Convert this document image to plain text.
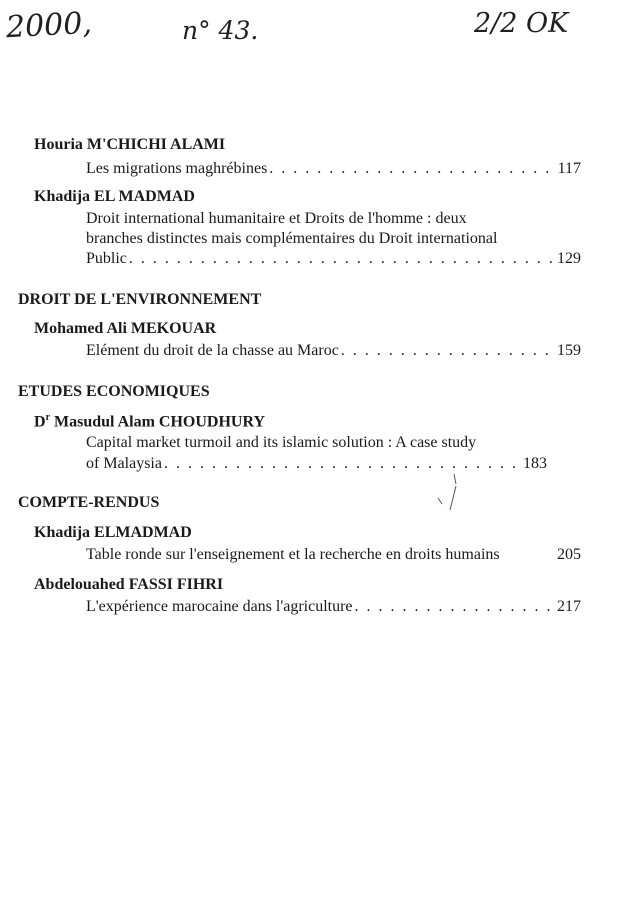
2000,	n° 43.	2/2 OK
Houria M'CHICHI ALAMI
Les migrations maghrébines . . .	117
Khadija EL MADMAD
Droit international humanitaire et Droits de l'homme : deux
branches distinctes mais complémentaires du Droit international
Public . . .	129
DROIT DE L'ENVIRONNEMENT
Mohamed Ali MEKOUAR
Elément du droit de la chasse au Maroc . . .	159
ETUDES ECONOMIQUES
$D^r$ Masudul Alam CHOUDHURY
Capital market turmoil and its islamic solution : A case study
of Malaysia . . .	183
COMPTE-RENDUS
Khadija ELMADMAD
Table ronde sur l'enseignement et la recherche en droits humains	205
Abdelouahed FASSI FIHRI
L'expérience marocaine dans l'agriculture . . .	217
